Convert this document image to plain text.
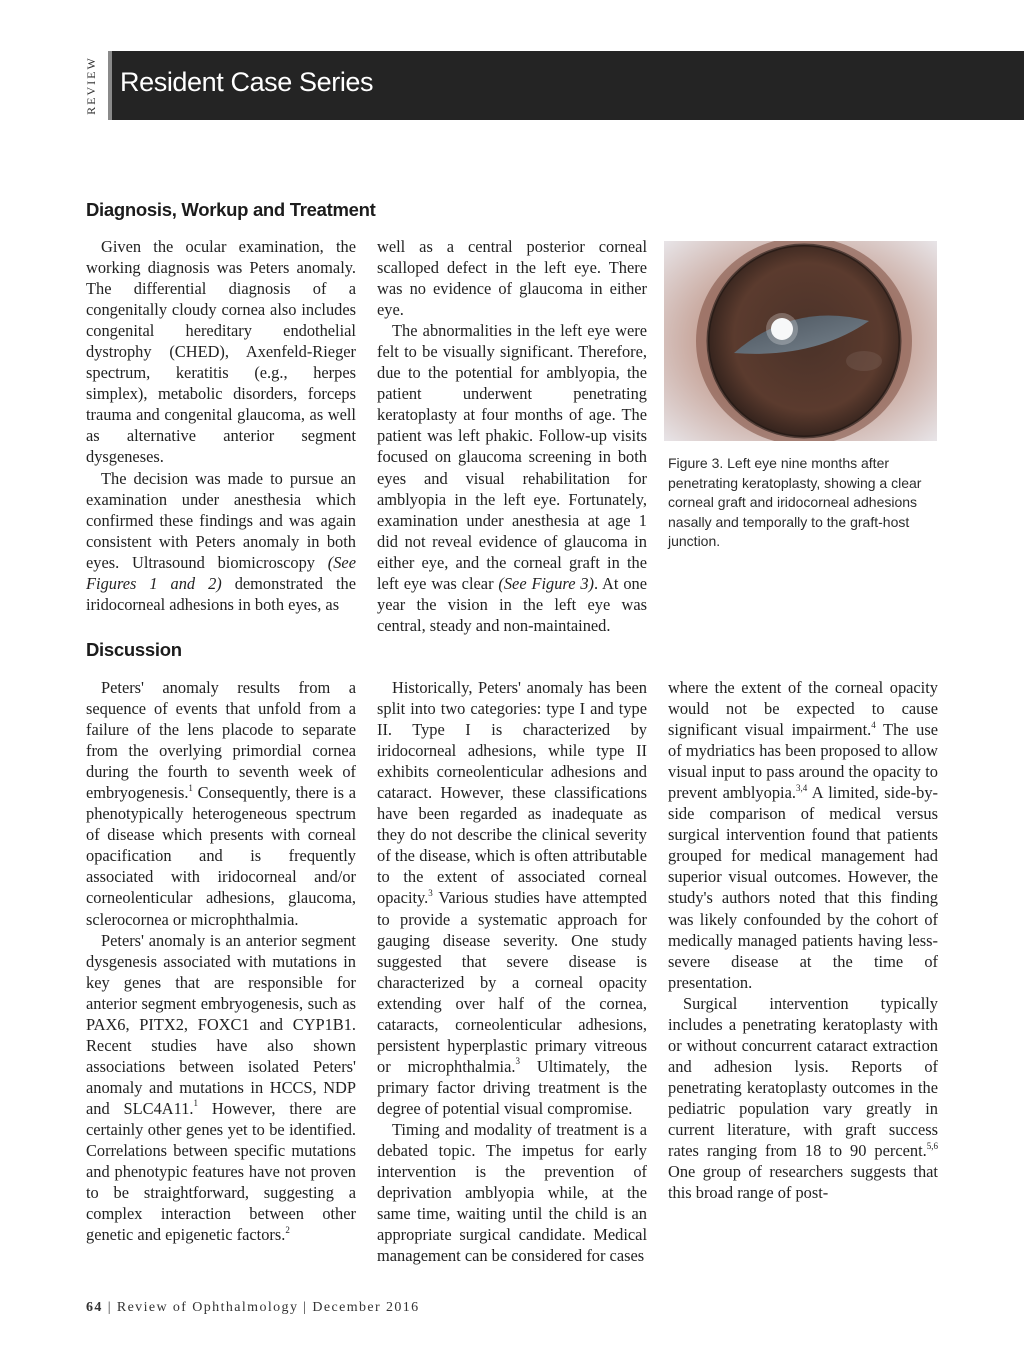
REVIEW Resident Case Series
Diagnosis, Workup and Treatment

Given the ocular examination, the working diagnosis was Peters anomaly. The differential diagnosis of a congenitally cloudy cornea also includes congenital hereditary endothelial dystrophy (CHED), Axenfeld-Rieger spectrum, keratitis (e.g., herpes simplex), metabolic disorders, forceps trauma and congenital glaucoma, as well as alternative anterior segment dysgeneses.

The decision was made to pursue an examination under anesthesia which confirmed these findings and was again consistent with Peters anomaly in both eyes. Ultrasound biomicroscopy (See Figures 1 and 2) demonstrated the iridocorneal adhesions in both eyes, as

well as a central posterior corneal scalloped defect in the left eye. There was no evidence of glaucoma in either eye.

The abnormalities in the left eye were felt to be visually significant. Therefore, due to the potential for amblyopia, the patient underwent penetrating keratoplasty at four months of age. The patient was left phakic. Follow-up visits focused on glaucoma screening in both eyes and visual rehabilitation for amblyopia in the left eye. Fortunately, examination under anesthesia at age 1 did not reveal evidence of glaucoma in either eye, and the corneal graft in the left eye was clear (See Figure 3). At one year the vision in the left eye was central, steady and non-maintained.

Figure 3. Left eye nine months after penetrating keratoplasty, showing a clear corneal graft and iridocorneal adhesions nasally and temporally to the graft-host junction.
Discussion

Peters' anomaly results from a sequence of events that unfold from a failure of the lens placode to separate from the overlying primordial cornea during the fourth to seventh week of embryogenesis.$^1$ Consequently, there is a phenotypically heterogeneous spectrum of disease which presents with corneal opacification and is frequently associated with iridocorneal and/or corneolenticular adhesions, glaucoma, sclerocornea or microphthalmia.

Peters' anomaly is an anterior segment dysgenesis associated with mutations in key genes that are responsible for anterior segment embryogenesis, such as PAX6, PITX2, FOXC1 and CYP1B1. Recent studies have also shown associations between isolated Peters' anomaly and mutations in HCCS, NDP and SLC4A11.$^1$ However, there are certainly other genes yet to be identified. Correlations between specific mutations and phenotypic features have not proven to be straightforward, suggesting a complex interaction between other genetic and epigenetic factors.$^2$

Historically, Peters' anomaly has been split into two categories: type I and type II. Type I is characterized by iridocorneal adhesions, while type II exhibits corneolenticular adhesions and cataract. However, these classifications have been regarded as inadequate as they do not describe the clinical severity of the disease, which is often attributable to the extent of associated corneal opacity.$^3$ Various studies have attempted to provide a systematic approach for gauging disease severity. One study suggested that severe disease is characterized by a corneal opacity extending over half of the cornea, cataracts, corneolenticular adhesions, persistent hyperplastic primary vitreous or microphthalmia.$^3$ Ultimately, the primary factor driving treatment is the degree of potential visual compromise.

Timing and modality of treatment is a debated topic. The impetus for early intervention is the prevention of deprivation amblyopia while, at the same time, waiting until the child is an appropriate surgical candidate. Medical management can be considered for cases

where the extent of the corneal opacity would not be expected to cause significant visual impairment.$^4$ The use of mydriatics has been proposed to allow visual input to pass around the opacity to prevent amblyopia.$^{3,4}$ A limited, side-by-side comparison of medical versus surgical intervention found that patients grouped for medical management had superior visual outcomes. However, the study's authors noted that this finding was likely confounded by the cohort of medically managed patients having less-severe disease at the time of presentation.

Surgical intervention typically includes a penetrating keratoplasty with or without concurrent cataract extraction and adhesion lysis. Reports of penetrating keratoplasty outcomes in the pediatric population vary greatly in current literature, with graft success rates ranging from 18 to 90 percent.$^{5,6}$ One group of researchers suggests that this broad range of post-

64 | Review of Ophthalmology | December 2016
